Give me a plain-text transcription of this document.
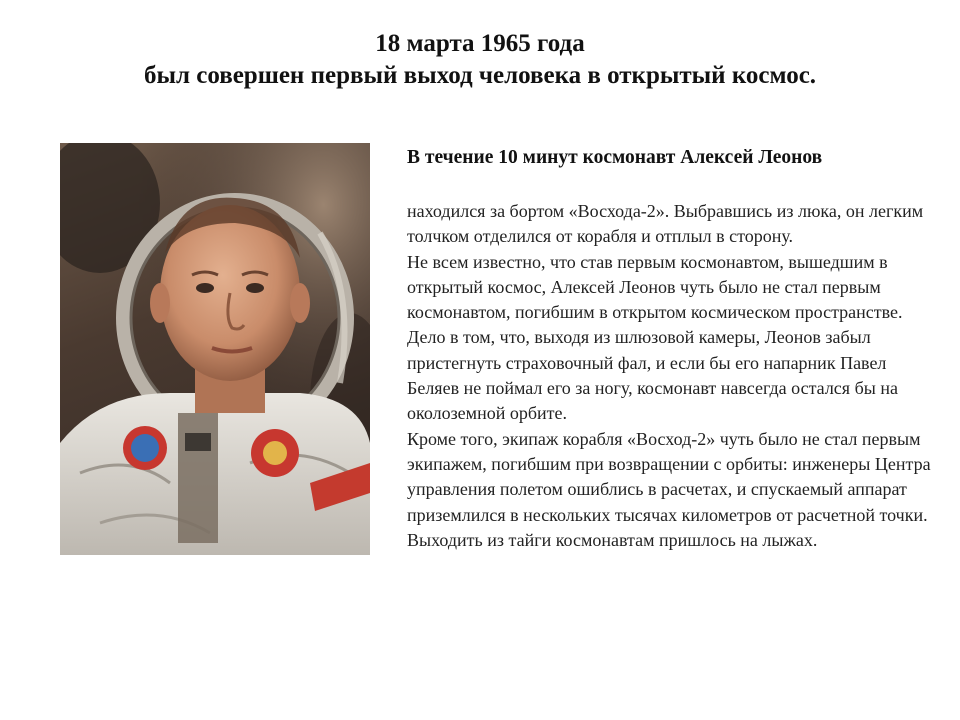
18 марта 1965 года
был совершен первый выход человека в открытый космос.
В течение 10 минут космонавт Алексей Леонов

находился за бортом «Восхода-2». Выбравшись из люка, он легким толчком отделился от корабля и отплыл в сторону.

Не всем известно, что став первым космонавтом, вышедшим в открытый космос, Алексей Леонов чуть было не стал первым космонавтом, погибшим в открытом космическом пространстве. Дело в том, что, выходя из шлюзовой камеры, Леонов забыл пристегнуть страховочный фал, и если бы его напарник Павел Беляев не поймал его за ногу, космонавт навсегда остался бы на околоземной орбите.

Кроме того, экипаж корабля «Восход-2» чуть было не стал первым экипажем, погибшим при возвращении с орбиты: инженеры Центра управления полетом ошиблись в расчетах, и спускаемый аппарат приземлился в нескольких тысячах километров от расчетной точки. Выходить из тайги космонавтам пришлось на лыжах.
